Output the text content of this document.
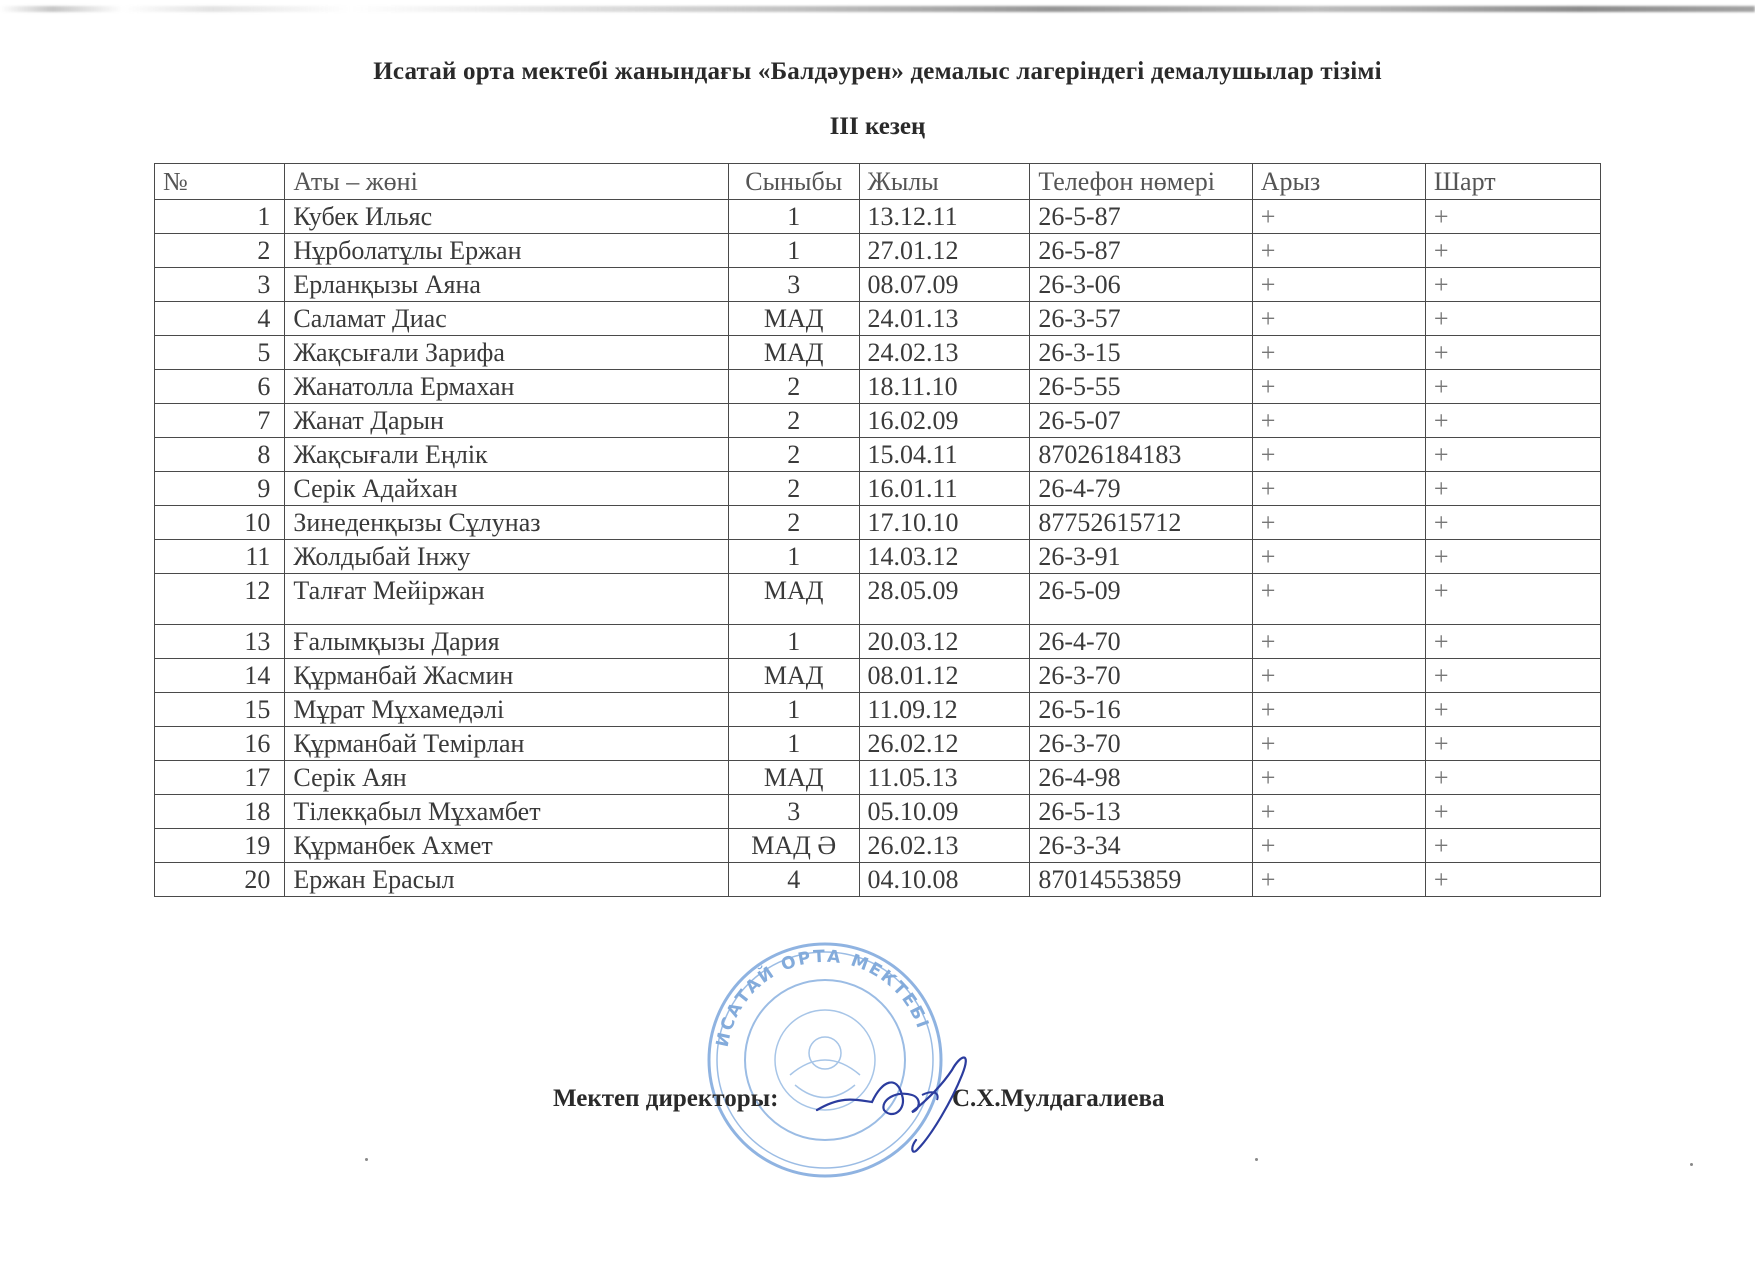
Исатай орта мектебі жанындағы «Балдәурен» демалыс лагеріндегі демалушылар тізімі
III кезең
№	Аты – жөні	Сыныбы	Жылы	Телефон нөмері	Арыз	Шарт
1	Кубек Ильяс	1	13.12.11	26-5-87	+	+
2	Нұрболатұлы Ержан	1	27.01.12	26-5-87	+	+
3	Ерланқызы Аяна	3	08.07.09	26-3-06	+	+
4	Саламат Диас	МАД	24.01.13	26-3-57	+	+
5	Жақсығали Зарифа	МАД	24.02.13	26-3-15	+	+
6	Жанатолла Ермахан	2	18.11.10	26-5-55	+	+
7	Жанат Дарын	2	16.02.09	26-5-07	+	+
8	Жақсығали Еңлік	2	15.04.11	87026184183	+	+
9	Серік Адайхан	2	16.01.11	26-4-79	+	+
10	Зинеденқызы Сұлуназ	2	17.10.10	87752615712	+	+
11	Жолдыбай Інжу	1	14.03.12	26-3-91	+	+
12	Талғат Мейіржан	МАД	28.05.09	26-5-09	+	+
13	Ғалымқызы Дария	1	20.03.12	26-4-70	+	+
14	Құрманбай Жасмин	МАД	08.01.12	26-3-70	+	+
15	Мұрат Мұхамедәлі	1	11.09.12	26-5-16	+	+
16	Құрманбай Темірлан	1	26.02.12	26-3-70	+	+
17	Серік Аян	МАД	11.05.13	26-4-98	+	+
18	Тілекқабыл Мұхамбет	3	05.10.09	26-5-13	+	+
19	Құрманбек Ахмет	МАД Ә	26.02.13	26-3-34	+	+
20	Ержан Ерасыл	4	04.10.08	87014553859	+	+
ИСАТАЙ ОРТА МЕКТЕБІ
Мектеп директоры:	С.Х.Мулдагалиева
